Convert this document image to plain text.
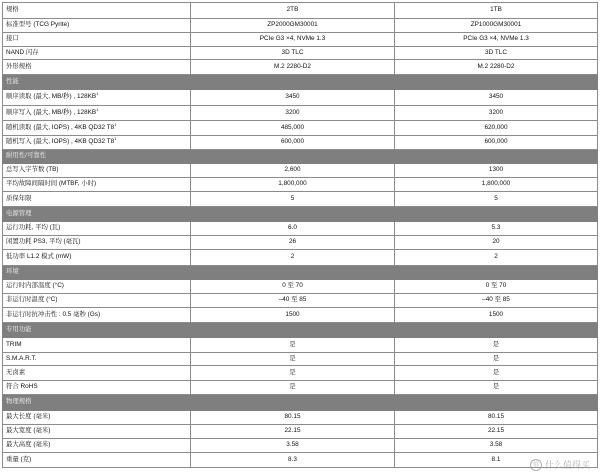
规格	2TB	1TB
标准型号 (TCG Pyrite)	ZP2000GM30001	ZP1000GM30001
接口	PCIe G3 ×4, NVMe 1.3	PCIe G3 ×4, NVMe 1.3
NAND 闪存	3D TLC	3D TLC
外形规格	M.2 2280-D2	M.2 2280-D2
性能		
顺序读取 (最大, MB/秒) , $128KB^1$	3450	3450
顺序写入 (最大, MB/秒) , $128KB^1$	3200	3200
随机读取 (最大, IOPS) , 4KB QD32 $T8^1$	485,000	620,000
随机写入 (最大, IOPS) , 4KB QD32 $T8^1$	600,000	600,000
耐用性/可靠性		
总写入字节数 (TB)	2,600	1300
平均故障间隔时间 (MTBF, 小时)	1,800,000	1,800,000
质保年限	5	5
电源管理		
运行功耗, 平均 (瓦)	6.0	5.3
闲置功耗 PS3, 平均 (毫瓦)	26	20
低功率 L1.2 模式 (mW)	2	2
环境		
运行时内部温度 (°C)	0 至 70	0 至 70
非运行时温度 (°C)	–40 至 85	–40 至 85
非运行时抗冲击性 : 0.5 毫秒 (Gs)	1500	1500
专用功能		
TRIM	是	是
S.M.A.R.T.	是	是
无卤素	是	是
符合 RoHS	是	是
物理规格		
最大长度 (毫米)	80.15	80.15
最大宽度 (毫米)	22.15	22.15
最大高度 (毫米)	3.58	3.58
重量 (克)	8.3	8.1
值 什么值得买
